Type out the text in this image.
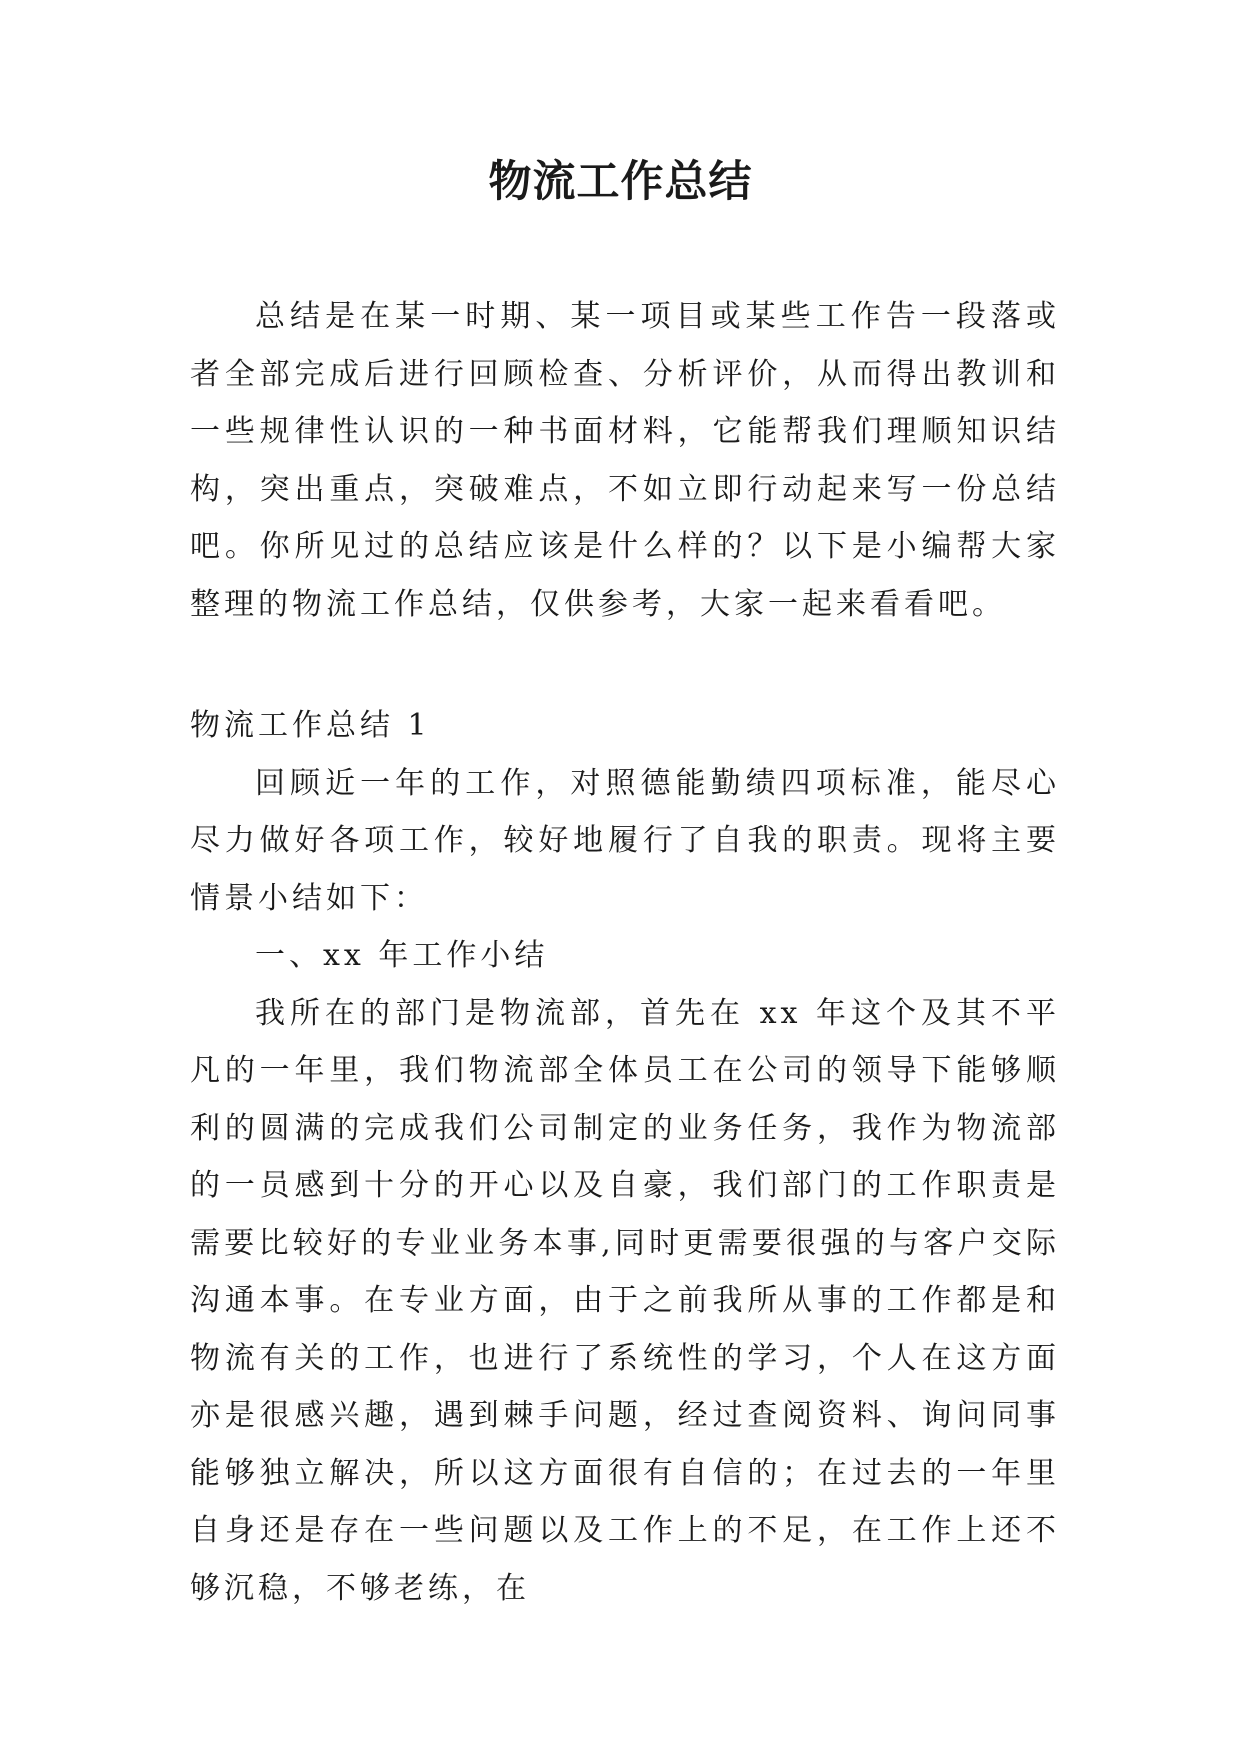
物流工作总结

总结是在某一时期、某一项目或某些工作告一段落或者全部完成后进行回顾检查、分析评价，从而得出教训和一些规律性认识的一种书面材料，它能帮我们理顺知识结构，突出重点，突破难点，不如立即行动起来写一份总结吧。你所见过的总结应该是什么样的？以下是小编帮大家整理的物流工作总结，仅供参考，大家一起来看看吧。

物流工作总结 1

回顾近一年的工作，对照德能勤绩四项标准，能尽心尽力做好各项工作，较好地履行了自我的职责。现将主要情景小结如下：

一、xx 年工作小结

我所在的部门是物流部，首先在 xx 年这个及其不平凡的一年里，我们物流部全体员工在公司的领导下能够顺利的圆满的完成我们公司制定的业务任务，我作为物流部的一员感到十分的开心以及自豪，我们部门的工作职责是需要比较好的专业业务本事,同时更需要很强的与客户交际沟通本事。在专业方面，由于之前我所从事的工作都是和物流有关的工作，也进行了系统性的学习，个人在这方面亦是很感兴趣，遇到棘手问题，经过查阅资料、询问同事能够独立解决，所以这方面很有自信的；在过去的一年里自身还是存在一些问题以及工作上的不足，在工作上还不够沉稳，不够老练，在
